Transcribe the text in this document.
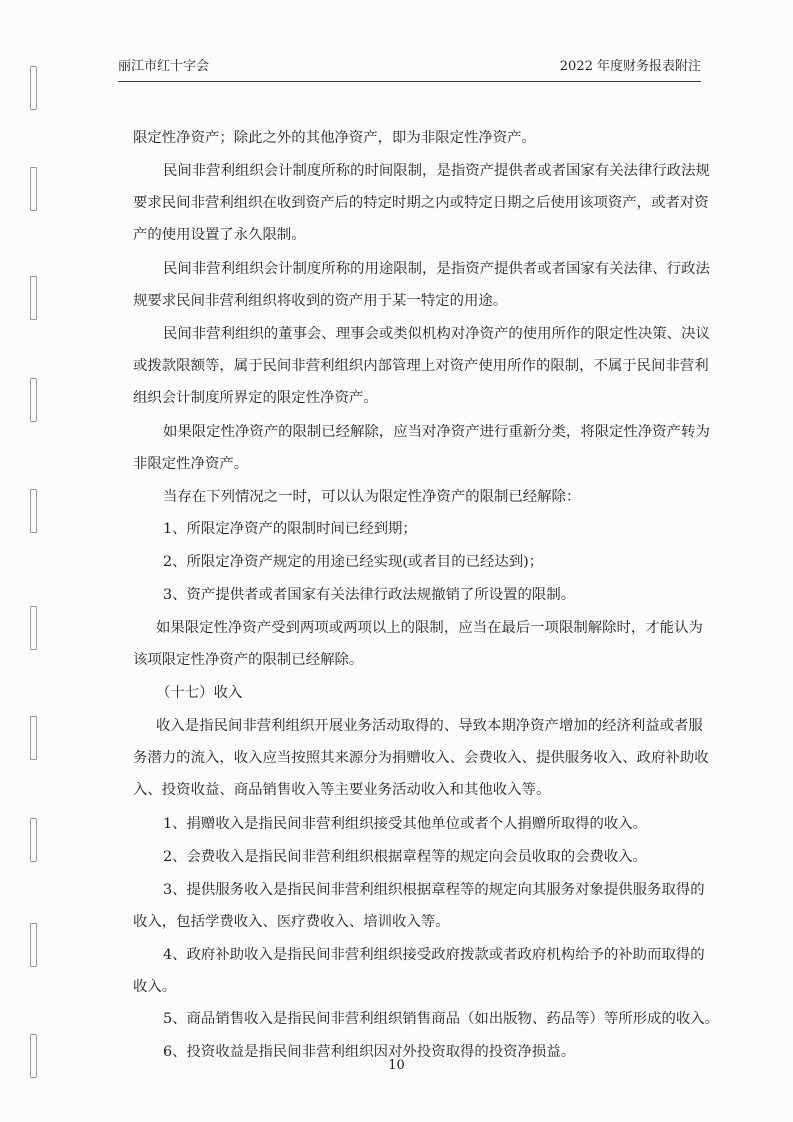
丽江市红十字会	2022 年度财务报表附注

限定性净资产；除此之外的其他净资产，即为非限定性净资产。

民间非营利组织会计制度所称的时间限制，是指资产提供者或者国家有关法律行政法规

要求民间非营利组织在收到资产后的特定时期之内或特定日期之后使用该项资产，或者对资

产的使用设置了永久限制。

民间非营利组织会计制度所称的用途限制，是指资产提供者或者国家有关法律、行政法

规要求民间非营利组织将收到的资产用于某一特定的用途。

民间非营利组织的董事会、理事会或类似机构对净资产的使用所作的限定性决策、决议

或拨款限额等，属于民间非营利组织内部管理上对资产使用所作的限制，不属于民间非营利

组织会计制度所界定的限定性净资产。

如果限定性净资产的限制已经解除，应当对净资产进行重新分类，将限定性净资产转为

非限定性净资产。

当存在下列情况之一时，可以认为限定性净资产的限制已经解除：

1、所限定净资产的限制时间已经到期；

2、所限定净资产规定的用途已经实现(或者目的已经达到)；

3、资产提供者或者国家有关法律行政法规撤销了所设置的限制。

如果限定性净资产受到两项或两项以上的限制，应当在最后一项限制解除时，才能认为

该项限定性净资产的限制已经解除。

（十七）收入

收入是指民间非营利组织开展业务活动取得的、导致本期净资产增加的经济利益或者服

务潜力的流入，收入应当按照其来源分为捐赠收入、会费收入、提供服务收入、政府补助收

入、投资收益、商品销售收入等主要业务活动收入和其他收入等。

1、捐赠收入是指民间非营利组织接受其他单位或者个人捐赠所取得的收入。

2、会费收入是指民间非营利组织根据章程等的规定向会员收取的会费收入。

3、提供服务收入是指民间非营利组织根据章程等的规定向其服务对象提供服务取得的

收入，包括学费收入、医疗费收入、培训收入等。

4、政府补助收入是指民间非营利组织接受政府拨款或者政府机构给予的补助而取得的

收入。

5、商品销售收入是指民间非营利组织销售商品（如出版物、药品等）等所形成的收入。

6、投资收益是指民间非营利组织因对外投资取得的投资净损益。

10
